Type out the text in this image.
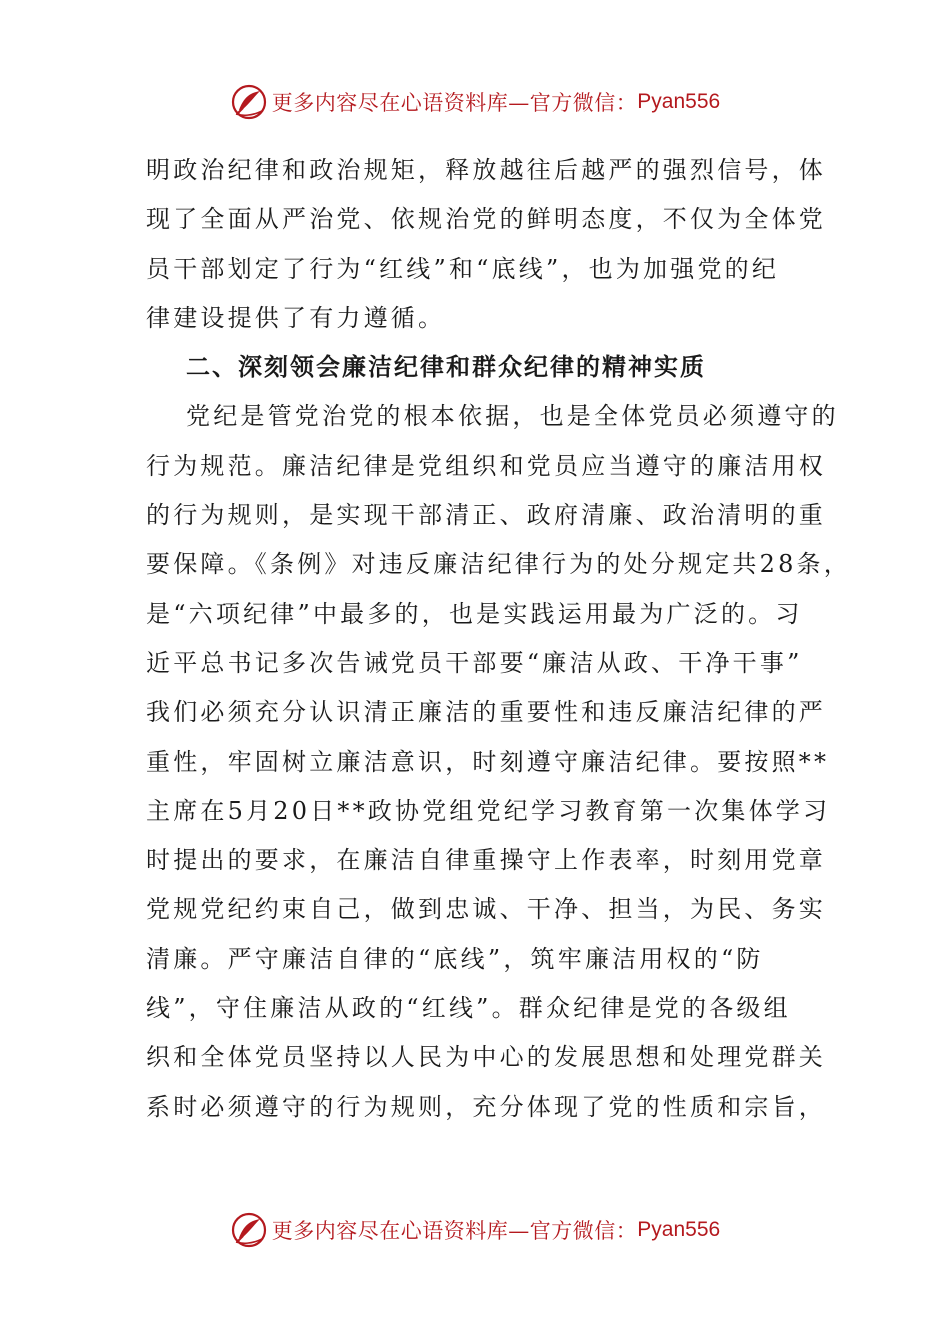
更多内容尽在心语资料库—官方微信： Pyan556
明政治纪律和政治规矩，释放越往后越严的强烈信号，体
现了全面从严治党、依规治党的鲜明态度，不仅为全体党
员干部划定了行为“红线”和“底线”，也为加强党的纪
律建设提供了有力遵循。
二、深刻领会廉洁纪律和群众纪律的精神实质
党纪是管党治党的根本依据，也是全体党员必须遵守的
行为规范。廉洁纪律是党组织和党员应当遵守的廉洁用权
的行为规则，是实现干部清正、政府清廉、政治清明的重
要保障。《条例》对违反廉洁纪律行为的处分规定共28条，
是“六项纪律”中最多的，也是实践运用最为广泛的。习
近平总书记多次告诫党员干部要“廉洁从政、干净干事”
我们必须充分认识清正廉洁的重要性和违反廉洁纪律的严
重性，牢固树立廉洁意识，时刻遵守廉洁纪律。要按照**
主席在5月20日**政协党组党纪学习教育第一次集体学习
时提出的要求，在廉洁自律重操守上作表率，时刻用党章
党规党纪约束自己，做到忠诚、干净、担当，为民、务实
清廉。严守廉洁自律的“底线”，筑牢廉洁用权的“防
线”，守住廉洁从政的“红线”。群众纪律是党的各级组
织和全体党员坚持以人民为中心的发展思想和处理党群关
系时必须遵守的行为规则，充分体现了党的性质和宗旨，
更多内容尽在心语资料库—官方微信： Pyan556
